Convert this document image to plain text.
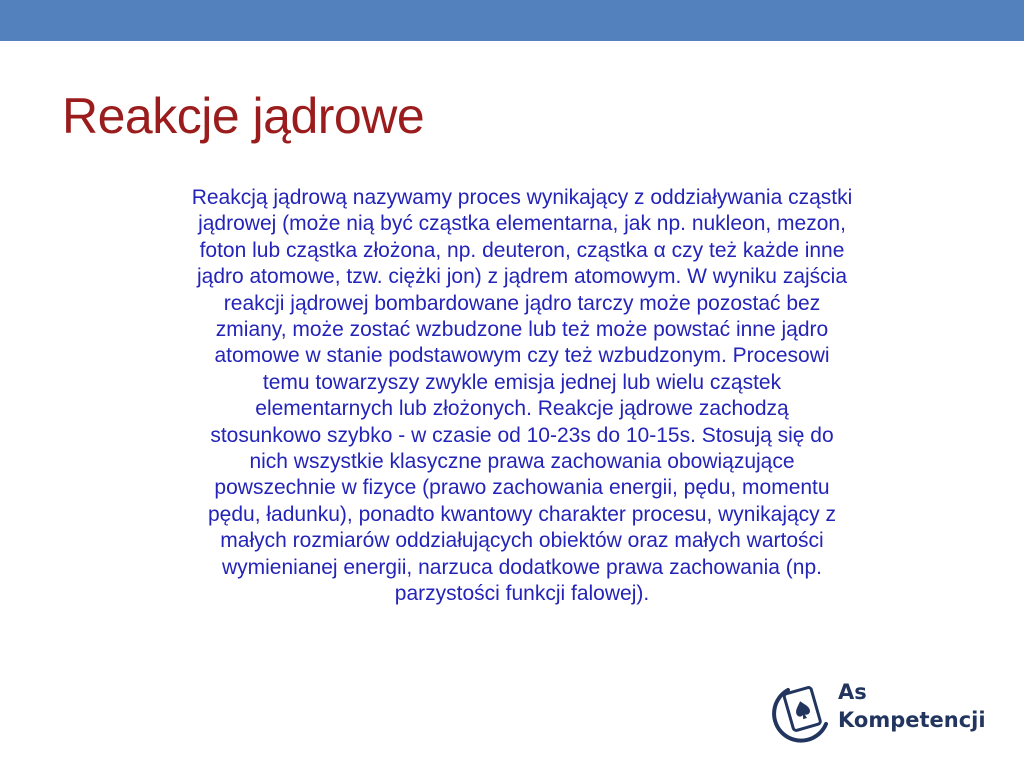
Reakcje jądrowe

Reakcją jądrową nazywamy proces wynikający z oddziaływania cząstki
jądrowej (może nią być cząstka elementarna, jak np. nukleon, mezon,
foton lub cząstka złożona, np. deuteron, cząstka α czy też każde inne
jądro atomowe, tzw. ciężki jon) z jądrem atomowym. W wyniku zajścia
reakcji jądrowej bombardowane jądro tarczy może pozostać bez
zmiany, może zostać wzbudzone lub też może powstać inne jądro
atomowe w stanie podstawowym czy też wzbudzonym. Procesowi
temu towarzyszy zwykle emisja jednej lub wielu cząstek
elementarnych lub złożonych. Reakcje jądrowe zachodzą
stosunkowo szybko - w czasie od 10-23s do 10-15s. Stosują się do
nich wszystkie klasyczne prawa zachowania obowiązujące
powszechnie w fizyce (prawo zachowania energii, pędu, momentu
pędu, ładunku), ponadto kwantowy charakter procesu, wynikający z
małych rozmiarów oddziałujących obiektów oraz małych wartości
wymienianej energii, narzuca dodatkowe prawa zachowania (np.
parzystości funkcji falowej).

As
Kompetencji
